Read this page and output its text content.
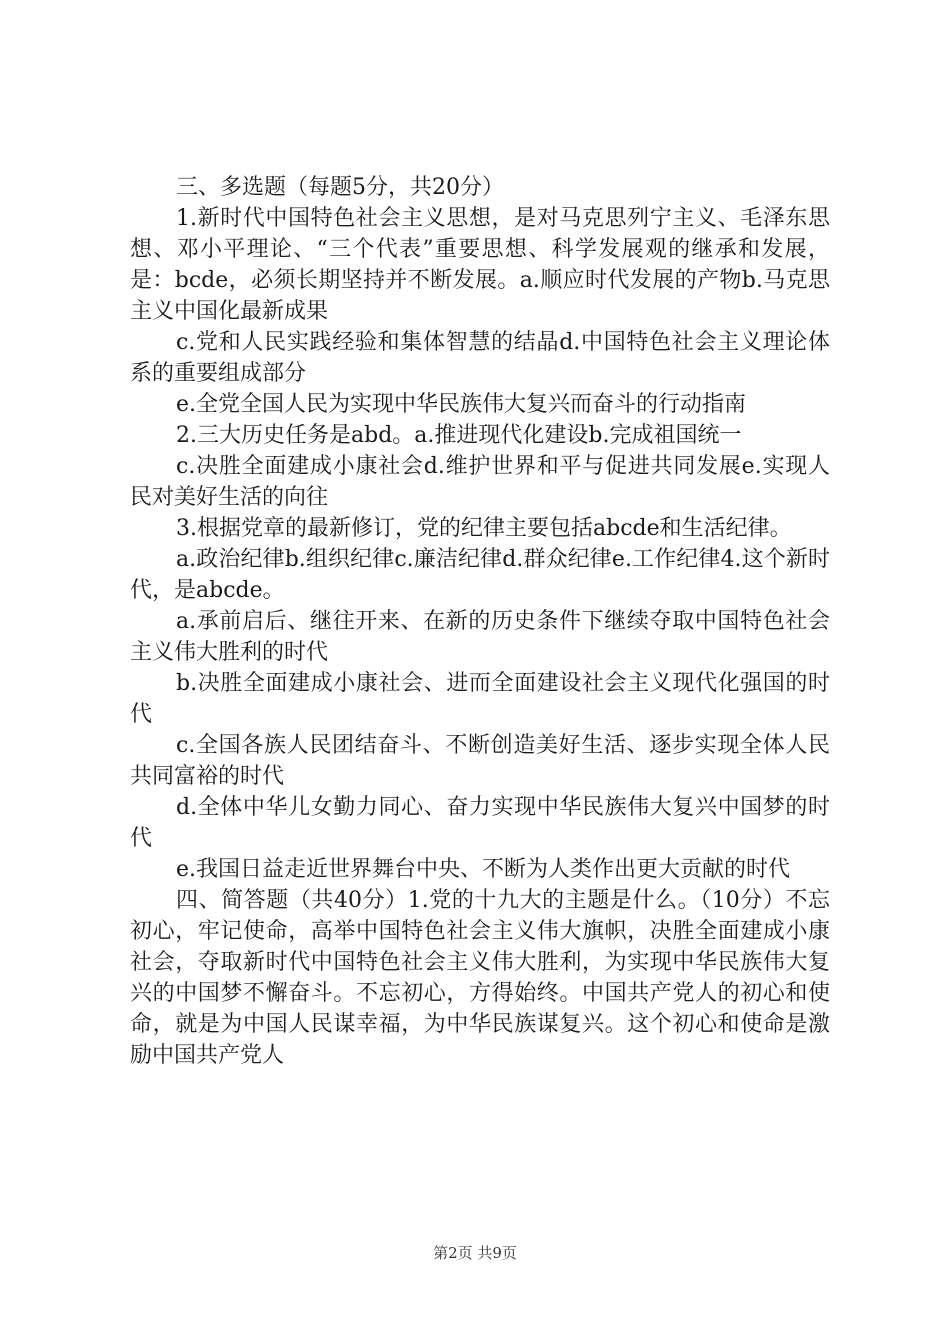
三、多选题（每题5分，共20分）

1.新时代中国特色社会主义思想，是对马克思列宁主义、毛泽东思想、邓小平理论、“三个代表”重要思想、科学发展观的继承和发展，是：bcde，必须长期坚持并不断发展。a.顺应时代发展的产物b.马克思主义中国化最新成果

c.党和人民实践经验和集体智慧的结晶d.中国特色社会主义理论体系的重要组成部分

e.全党全国人民为实现中华民族伟大复兴而奋斗的行动指南

2.三大历史任务是abd。a.推进现代化建设b.完成祖国统一

c.决胜全面建成小康社会d.维护世界和平与促进共同发展e.实现人民对美好生活的向往

3.根据党章的最新修订，党的纪律主要包括abcde和生活纪律。

a.政治纪律b.组织纪律c.廉洁纪律d.群众纪律e.工作纪律4.这个新时代，是abcde。

a.承前启后、继往开来、在新的历史条件下继续夺取中国特色社会主义伟大胜利的时代

b.决胜全面建成小康社会、进而全面建设社会主义现代化强国的时代

c.全国各族人民团结奋斗、不断创造美好生活、逐步实现全体人民共同富裕的时代

d.全体中华儿女勤力同心、奋力实现中华民族伟大复兴中国梦的时代

e.我国日益走近世界舞台中央、不断为人类作出更大贡献的时代

四、简答题（共40分）1.党的十九大的主题是什么。（10分）不忘初心，牢记使命，高举中国特色社会主义伟大旗帜，决胜全面建成小康社会，夺取新时代中国特色社会主义伟大胜利，为实现中华民族伟大复兴的中国梦不懈奋斗。不忘初心，方得始终。中国共产党人的初心和使命，就是为中国人民谋幸福，为中华民族谋复兴。这个初心和使命是激励中国共产党人

第2页 共9页
